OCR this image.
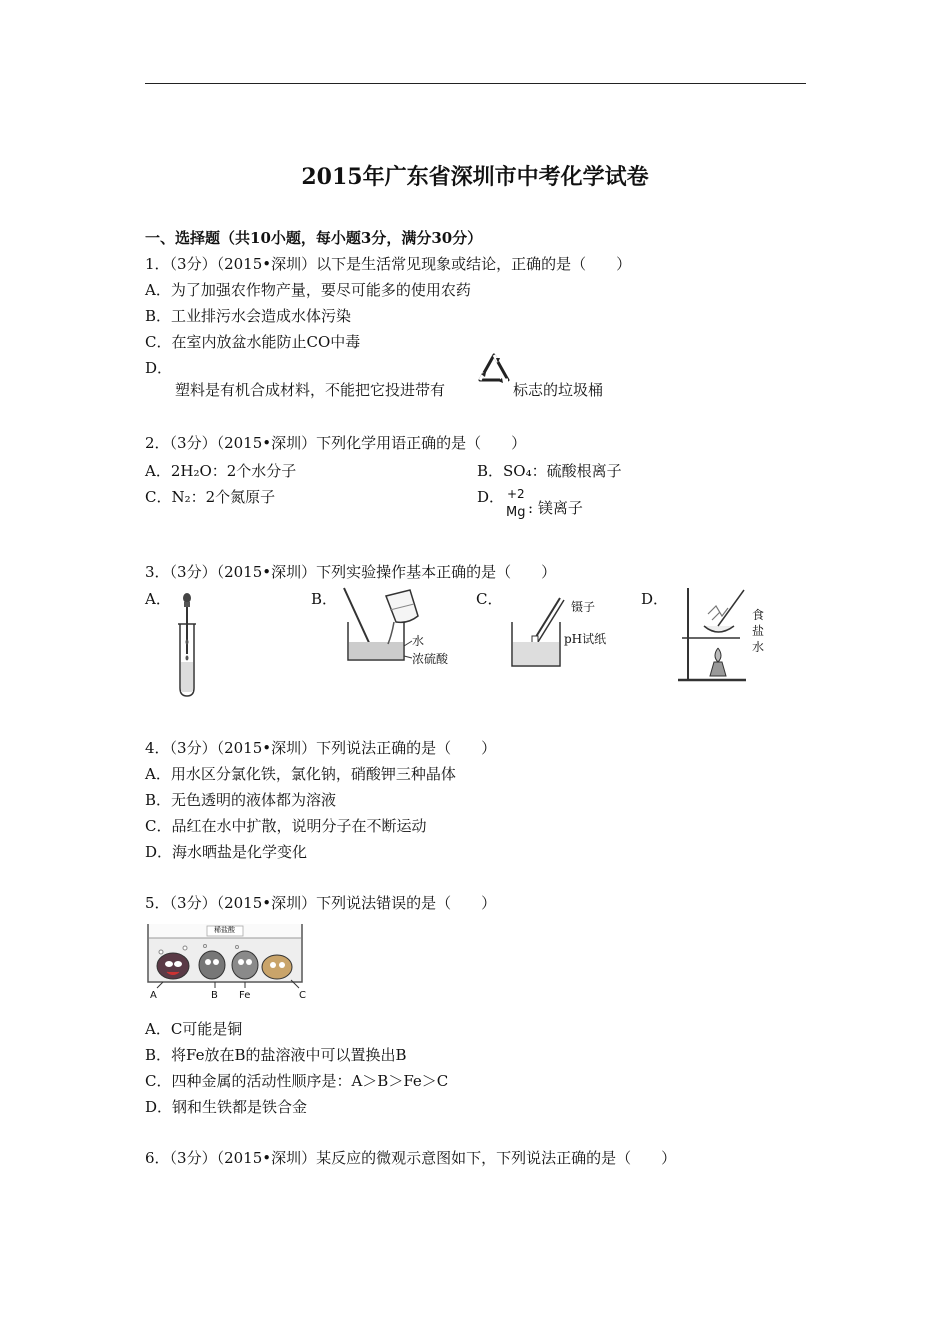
2015年广东省深圳市中考化学试卷
一、选择题（共10小题，每小题3分，满分30分）
1．（3分）（2015•深圳）以下是生活常见现象或结论，正确的是（　　）
A．为了加强农作物产量，要尽可能多的使用农药
B．工业排污水会造成水体污染
C．在室内放盆水能防止CO中毒
D．
塑料是有机合成材料，不能把它投进带有	标志的垃圾桶
2．（3分）（2015•深圳）下列化学用语正确的是（　　）
A．2H₂O：2个水分子	B．SO₄：硫酸根离子
C．N₂：2个氮原子	D． +2
Mg : 镁离子
3．（3分）（2015•深圳）下列实验操作基本正确的是（　　）
A．	B．	C．	D．
水
浓硫酸
镊子
pH试纸
食
盐
水
4．（3分）（2015•深圳）下列说法正确的是（　　）
A．用水区分氯化铁，氯化钠，硝酸钾三种晶体
B．无色透明的液体都为溶液
C．品红在水中扩散，说明分子在不断运动
D．海水晒盐是化学变化
5．（3分）（2015•深圳）下列说法错误的是（　　）
稀盐酸
A	B Fe	C
A．C可能是铜
B．将Fe放在B的盐溶液中可以置换出B
C．四种金属的活动性顺序是：A＞B＞Fe＞C
D．钢和生铁都是铁合金
6．（3分）（2015•深圳）某反应的微观示意图如下，下列说法正确的是（　　）
